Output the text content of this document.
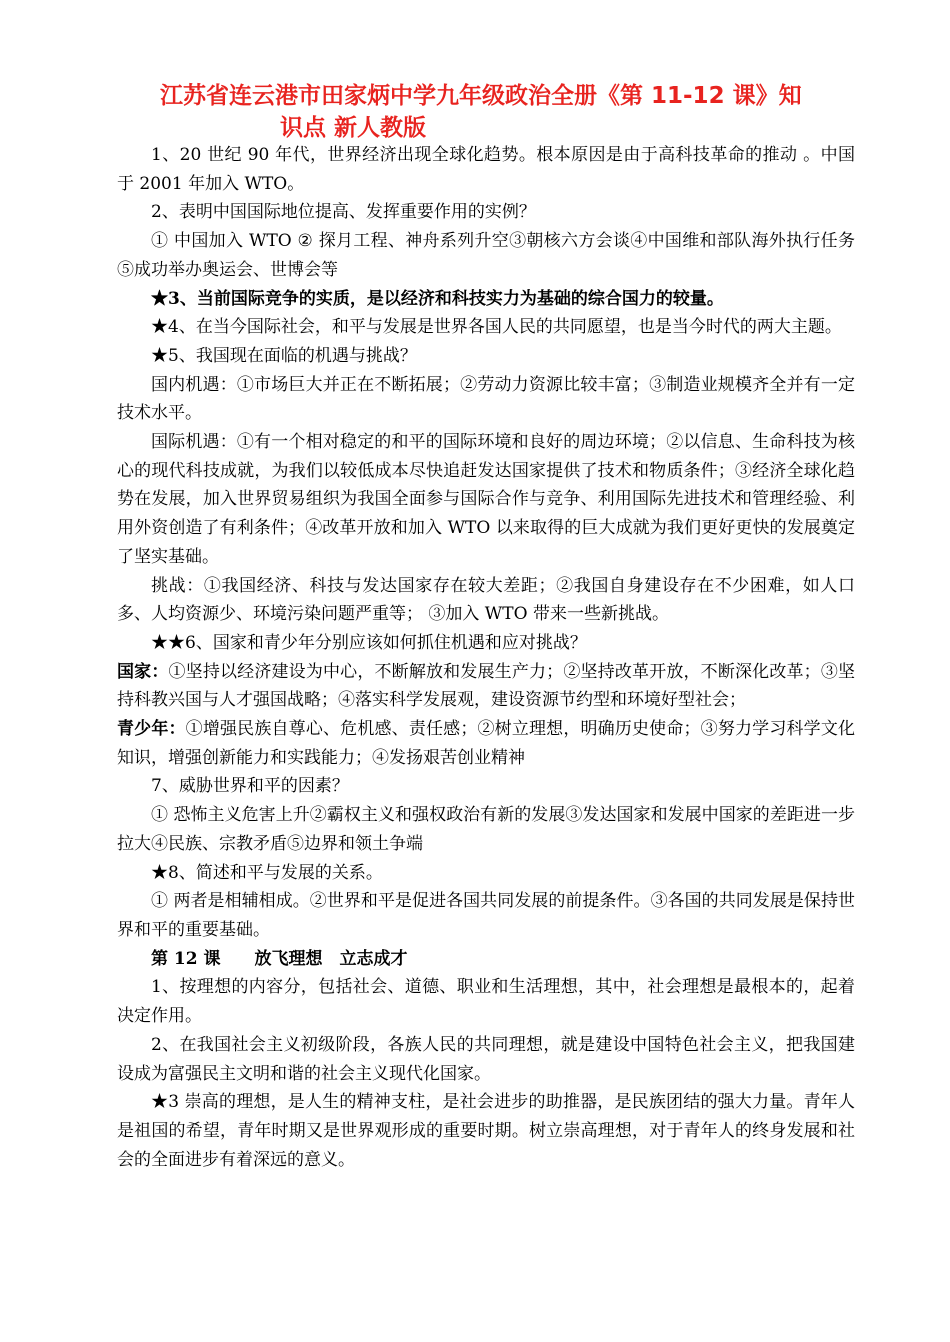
江苏省连云港市田家炳中学九年级政治全册《第 11-12 课》知
识点 新人教版

1、20 世纪 90 年代，世界经济出现全球化趋势。根本原因是由于高科技革命的推动 。中国于 2001 年加入 WTO。

2、表明中国国际地位提高、发挥重要作用的实例？

① 中国加入 WTO ② 探月工程、神舟系列升空③朝核六方会谈④中国维和部队海外执行任务 ⑤成功举办奥运会、世博会等

★3、当前国际竞争的实质，是以经济和科技实力为基础的综合国力的较量。

★4、在当今国际社会，和平与发展是世界各国人民的共同愿望，也是当今时代的两大主题。

★5、我国现在面临的机遇与挑战？

国内机遇：①市场巨大并正在不断拓展；②劳动力资源比较丰富；③制造业规模齐全并有一定技术水平。

国际机遇：①有一个相对稳定的和平的国际环境和良好的周边环境；②以信息、生命科技为核心的现代科技成就，为我们以较低成本尽快追赶发达国家提供了技术和物质条件；③经济全球化趋势在发展，加入世界贸易组织为我国全面参与国际合作与竞争、利用国际先进技术和管理经验、利用外资创造了有利条件；④改革开放和加入 WTO 以来取得的巨大成就为我们更好更快的发展奠定了坚实基础。

挑战：①我国经济、科技与发达国家存在较大差距；②我国自身建设存在不少困难，如人口多、人均资源少、环境污染问题严重等； ③加入 WTO 带来一些新挑战。

★★6、国家和青少年分别应该如何抓住机遇和应对挑战？

国家：①坚持以经济建设为中心，不断解放和发展生产力；②坚持改革开放，不断深化改革；③坚持科教兴国与人才强国战略；④落实科学发展观，建设资源节约型和环境好型社会；

青少年：①增强民族自尊心、危机感、责任感；②树立理想，明确历史使命；③努力学习科学文化知识，增强创新能力和实践能力；④发扬艰苦创业精神

7、威胁世界和平的因素？

① 恐怖主义危害上升②霸权主义和强权政治有新的发展③发达国家和发展中国家的差距进一步拉大④民族、宗教矛盾⑤边界和领土争端

★8、简述和平与发展的关系。

① 两者是相辅相成。②世界和平是促进各国共同发展的前提条件。③各国的共同发展是保持世界和平的重要基础。

第 12 课 放飞理想　立志成才

1、按理想的内容分，包括社会、道德、职业和生活理想，其中，社会理想是最根本的，起着决定作用。

2、在我国社会主义初级阶段，各族人民的共同理想，就是建设中国特色社会主义，把我国建设成为富强民主文明和谐的社会主义现代化国家。

★3 崇高的理想，是人生的精神支柱，是社会进步的助推器，是民族团结的强大力量。青年人是祖国的希望，青年时期又是世界观形成的重要时期。树立崇高理想，对于青年人的终身发展和社会的全面进步有着深远的意义。
